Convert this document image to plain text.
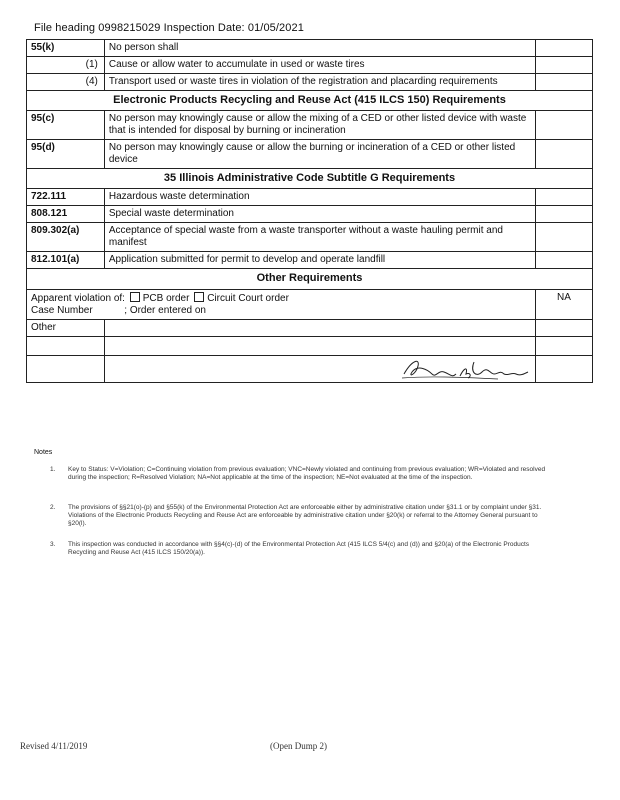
File heading 0998215029 Inspection Date: 01/05/2021
55(k)	No person shall	
(1)	Cause or allow water to accumulate in used or waste tires	
(4)	Transport used or waste tires in violation of the registration and placarding requirements	
Electronic Products Recycling and Reuse Act (415 ILCS 150) Requirements		
95(c)	No person may knowingly cause or allow the mixing of a CED or other listed device with waste that is intended for disposal by burning or incineration	
95(d)	No person may knowingly cause or allow the burning or incineration of a CED or other listed device	
35 Illinois Administrative Code Subtitle G Requirements		
722.111	Hazardous waste determination	
808.121	Special waste determination	
809.302(a)	Acceptance of special waste from a waste transporter without a waste hauling permit and manifest	
812.101(a)	Application submitted for permit to develop and operate landfill	
Other Requirements		

Apparent violation of: PCB order Circuit Court order
Case Number ; Order entered on		NA
Other		

Notes
1. Key to Status: V=Violation; C=Continuing violation from previous evaluation; VNC=Newly violated and continuing from previous evaluation; WR=Violated and resolved during the inspection; R=Resolved Violation; NA=Not applicable at the time of the inspection; NE=Not evaluated at the time of the inspection.
2. The provisions of §§21(o)-(p) and §55(k) of the Environmental Protection Act are enforceable either by administrative citation under §31.1 or by complaint under §31. Violations of the Electronic Products Recycling and Reuse Act are enforceable by administrative citation under §20(k) or referral to the Attorney General pursuant to §20(l).
3. This inspection was conducted in accordance with §§4(c)-(d) of the Environmental Protection Act (415 ILCS 5/4(c) and (d)) and §20(a) of the Electronic Products Recycling and Reuse Act (415 ILCS 150/20(a)).
Revised 4/11/2019	(Open Dump 2)
